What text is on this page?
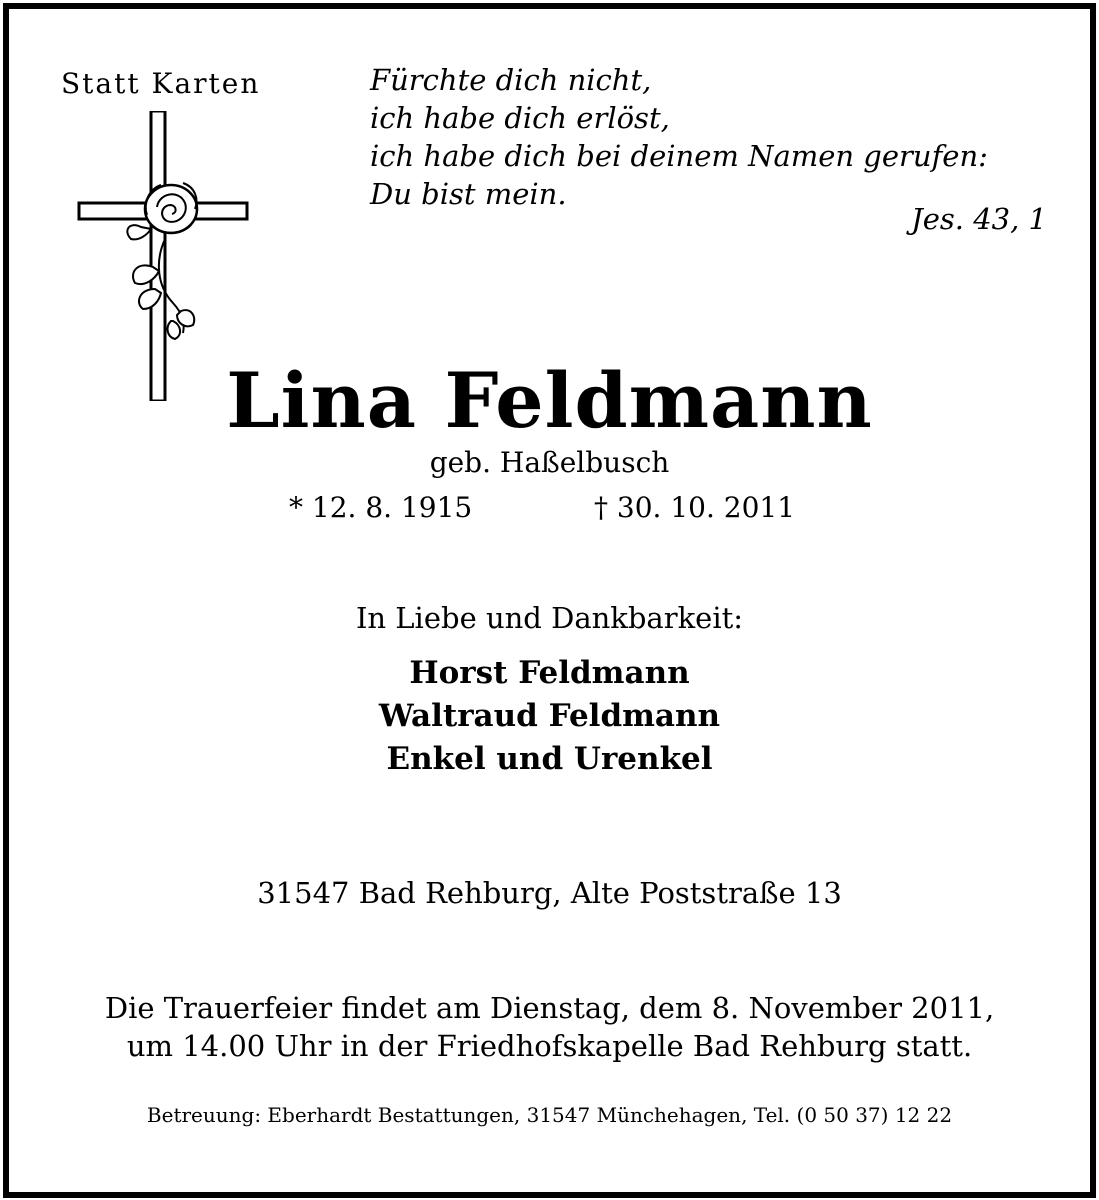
Statt Karten	Fürchte dich nicht,
ich habe dich erlöst,
ich habe dich bei deinem Namen gerufen:
Du bist mein.
Jes. 43, 1
Lina Feldmann
geb. Haßelbusch
* 12. 8. 1915	† 30. 10. 2011
In Liebe und Dankbarkeit:
Horst Feldmann
Waltraud Feldmann
Enkel und Urenkel
31547 Bad Rehburg, Alte Poststraße 13
Die Trauerfeier findet am Dienstag, dem 8. November 2011,
um 14.00 Uhr in der Friedhofskapelle Bad Rehburg statt.
Betreuung: Eberhardt Bestattungen, 31547 Münchehagen, Tel. (0 50 37) 12 22
